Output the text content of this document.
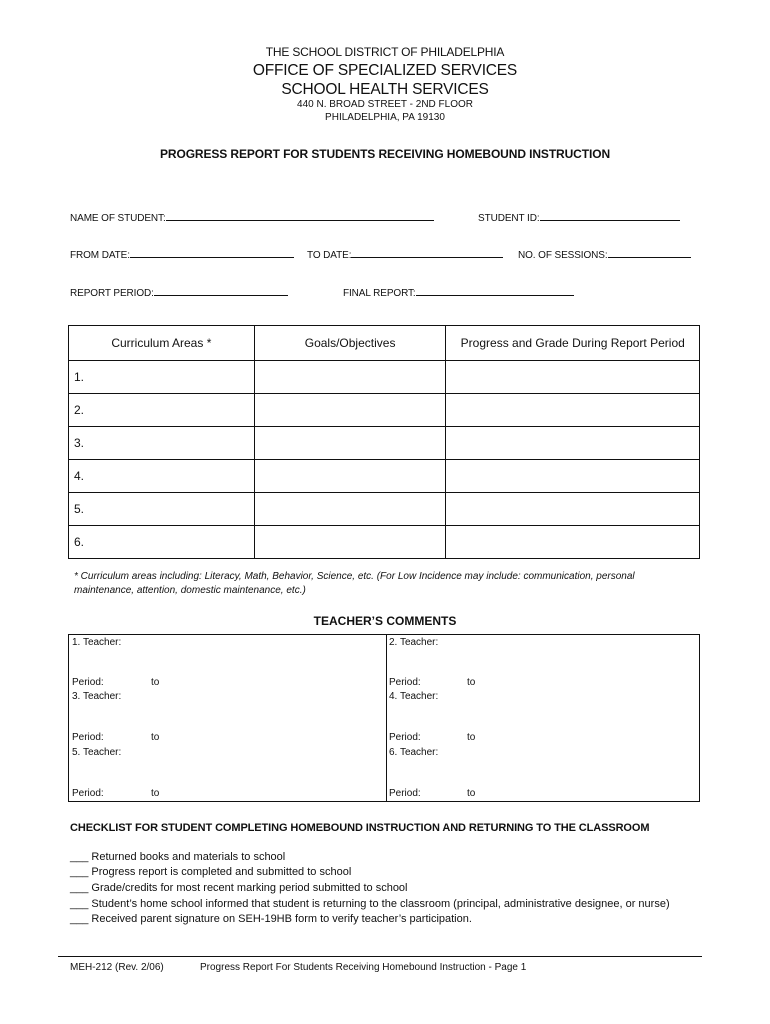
THE SCHOOL DISTRICT OF PHILADELPHIA
OFFICE OF SPECIALIZED SERVICES
SCHOOL HEALTH SERVICES
440 N. BROAD STREET - 2ND FLOOR
PHILADELPHIA, PA 19130
PROGRESS REPORT FOR STUDENTS RECEIVING HOMEBOUND INSTRUCTION
NAME OF STUDENT:	STUDENT ID:
FROM DATE:	TO DATE:	NO. OF SESSIONS:
REPORT PERIOD:	FINAL REPORT:
Curriculum Areas *	Goals/Objectives	Progress and Grade During Report Period
1.		
2.		
3.		
4.		
5.		
6.		
* Curriculum areas including: Literacy, Math, Behavior, Science, etc. (For Low Incidence may include: communication, personal maintenance, attention, domestic maintenance, etc.)
TEACHER’S COMMENTS
1. Teacher:	2. Teacher:
Period:	to	Period:	to
3. Teacher:	4. Teacher:
Period:	to	Period:	to
5. Teacher:	6. Teacher:
Period:	to	Period:	to
CHECKLIST FOR STUDENT COMPLETING HOMEBOUND INSTRUCTION AND RETURNING TO THE CLASSROOM
___ Returned books and materials to school
___ Progress report is completed and submitted to school
___ Grade/credits for most recent marking period submitted to school
___ Student’s home school informed that student is returning to the classroom (principal, administrative designee, or nurse)
___ Received parent signature on SEH-19HB form to verify teacher’s participation.
MEH-212 (Rev. 2/06)	Progress Report For Students Receiving Homebound Instruction - Page 1
